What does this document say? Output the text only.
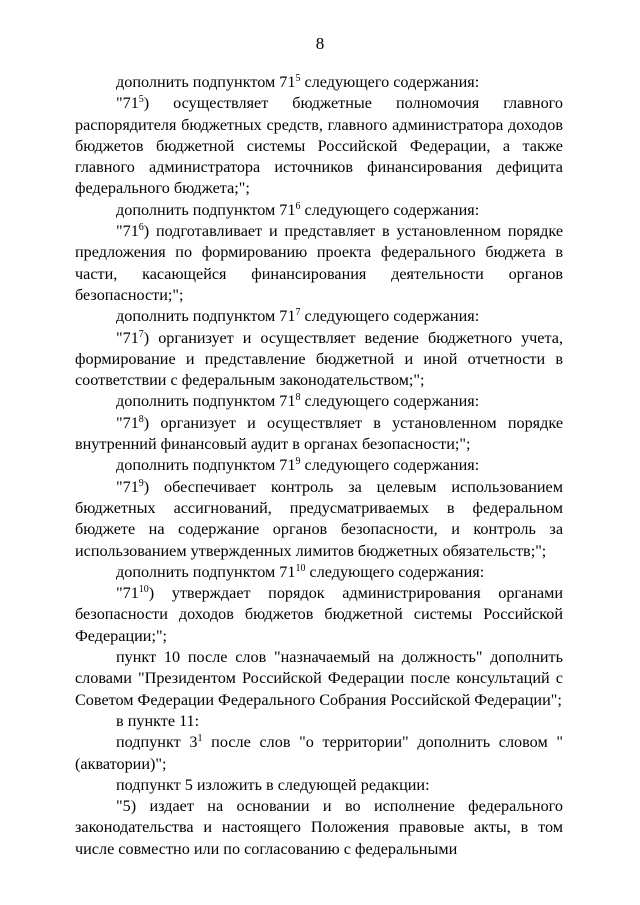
8

дополнить подпунктом $71^5$ следующего содержания:

"$71^5$) осуществляет бюджетные полномочия главного распорядителя бюджетных средств, главного администратора доходов бюджетов бюджетной системы Российской Федерации, а также главного администратора источников финансирования дефицита федерального бюджета;";

дополнить подпунктом $71^6$ следующего содержания:

"$71^6$) подготавливает и представляет в установленном порядке предложения по формированию проекта федерального бюджета в части, касающейся финансирования деятельности органов безопасности;";

дополнить подпунктом $71^7$ следующего содержания:

"$71^7$) организует и осуществляет ведение бюджетного учета, формирование и представление бюджетной и иной отчетности в соответствии с федеральным законодательством;";

дополнить подпунктом $71^8$ следующего содержания:

"$71^8$) организует и осуществляет в установленном порядке внутренний финансовый аудит в органах безопасности;";

дополнить подпунктом $71^9$ следующего содержания:

"$71^9$) обеспечивает контроль за целевым использованием бюджетных ассигнований, предусматриваемых в федеральном бюджете на содержание органов безопасности, и контроль за использованием утвержденных лимитов бюджетных обязательств;";

дополнить подпунктом $71^{10}$ следующего содержания:

"$71^{10}$) утверждает порядок администрирования органами безопасности доходов бюджетов бюджетной системы Российской Федерации;";

пункт 10 после слов "назначаемый на должность" дополнить словами "Президентом Российской Федерации после консультаций с Советом Федерации Федерального Собрания Российской Федерации";

в пункте 11:

подпункт $3^1$ после слов "о территории" дополнить словом "(акватории)";

подпункт 5 изложить в следующей редакции:

"5) издает на основании и во исполнение федерального законодательства и настоящего Положения правовые акты, в том числе совместно или по согласованию с федеральными
